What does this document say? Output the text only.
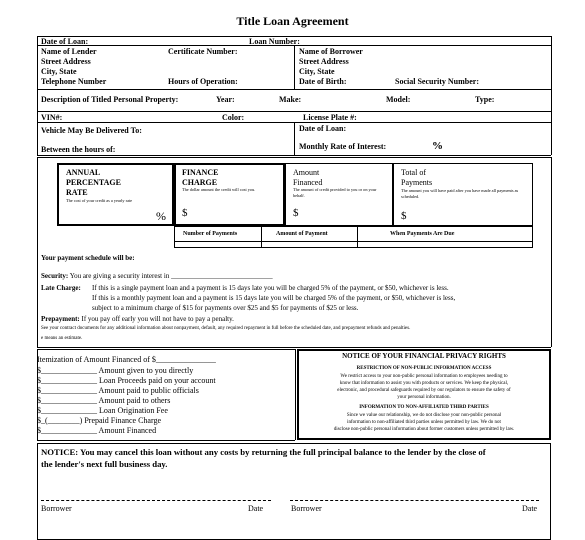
Title Loan Agreement
Date of Loan:	Loan Number:
Name of Lender
Street Address
City, State
Telephone Number
Certificate Number:
Hours of Operation:
Name of Borrower
Street Address
City, State
Date of Birth:	Social Security Number:
Description of Titled Personal Property:	Year:	Make:	Model:	Type:
VIN#:	Color:	License Plate #:
Vehicle May Be Delivered To:	Date of Loan:
Between the hours of:	Monthly Rate of Interest:	%
ANNUAL
PERCENTAGE
RATE
The cost of your credit as a yearly rate
%
FINANCE
CHARGE
The dollar amount the credit will cost you.
$
Amount
Financed
The amount of credit provided to you or on your behalf.
$
Total of
Payments
The amount you will have paid after you have made all payments as scheduled.
$
Number of Payments	Amount of Payment	When Payments Are Due
Your payment schedule will be:
Security: You are giving a security interest in _____________________________
Late Charge: If this is a single payment loan and a payment is 15 days late you will be charged 5% of the payment, or $50, whichever is less.
If this is a monthly payment loan and a payment is 15 days late you will be charged 5% of the payment, or $50, whichever is less,
subject to a minimum charge of $15 for payments over $25 and $5 for payments of $25 or less.
Prepayment: If you pay off early you will not have to pay a penalty.
See your contract documents for any additional information about nonpayment, default, any required repayment in full before the scheduled date, and prepayment refunds and penalties.
e means an estimate.
Itemization of Amount Financed of $_______________
$______________ Amount given to you directly
$______________ Loan Proceeds paid on your account
$______________ Amount paid to public officials
$______________ Amount paid to others
$______________ Loan Origination Fee
$_(________) Prepaid Finance Charge
$______________ Amount Financed
NOTICE OF YOUR FINANCIAL PRIVACY RIGHTS
RESTRICTION OF NON-PUBLIC INFORMATION ACCESS
We restrict access to your non-public personal information to employees needing to
know that information to assist you with products or services. We keep the physical,
electronic, and procedural safeguards required by our regulators to ensure the safety of
your personal information.
INFORMATION TO NON-AFFILIATED THIRD PARTIES
Since we value our relationship, we do not disclose your non-public personal
information to non-affiliated third parties unless permitted by law. We do not
disclose non-public personal information about former customers unless permitted by law.
NOTICE: You may cancel this loan without any costs by returning the full principal balance to the lender by the close of
the lender's next full business day.
Borrower	Date	Borrower	Date
